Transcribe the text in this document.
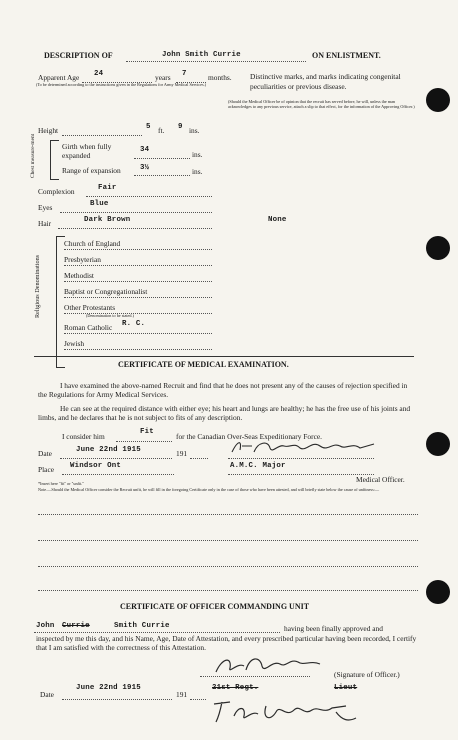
DESCRIPTION OF	John Smith Currie	ON ENLISTMENT.
Apparent Age 24	years 7	months.
(To be determined according to the instructions given in the Regulations for Army Medical Services.)
Distinctive marks, and marks indicating congenital peculiarities or previous disease.
(Should the Medical Officer be of opinion that the recruit has served before, he will, unless the man acknowledges to any previous service, attach a slip to that effect, for the information of the Approving Officer.)
None
Height	5 ft. 9 ins.
Chest measure-ment	Girth when fully expanded
34	ins.
Range of expansion	3½	ins.
Complexion	Fair
Eyes	Blue
Hair	Dark Brown
Religious Denominations
Church of England
Presbyterian
Methodist
Baptist or Congregationalist
Other Protestants
(Denomination to be stated.)
Roman Catholic R. C.
Jewish
CERTIFICATE OF MEDICAL EXAMINATION.
I have examined the above-named Recruit and find that he does not present any of the causes of rejection specified in the Regulations for Army Medical Services.
He can see at the required distance with either eye; his heart and lungs are healthy; he has the free use of his joints and limbs, and he declares that he is not subject to fits of any description.
I consider him	Fit	for the Canadian Over-Seas Expeditionary Force.
Date	June 22nd 1915	191
Place Windsor Ont	A.M.C. Major
Medical Officer.
*Insert here "fit" or "unfit."
Note.—Should the Medical Officer consider the Recruit unfit, he will fill in the foregoing Certificate only in the case of those who have been attested, and will briefly state below the cause of unfitness:—
CERTIFICATE OF OFFICER COMMANDING UNIT
John Currie	Smith Currie	having been finally approved and
inspected by me this day, and his Name, Age, Date of Attestation, and every prescribed particular having been recorded, I certify that I am satisfied with the correctness of this Attestation.
(Signature of Officer.)
Date
June 22nd 1915
191
21st Regt.	Lieut
